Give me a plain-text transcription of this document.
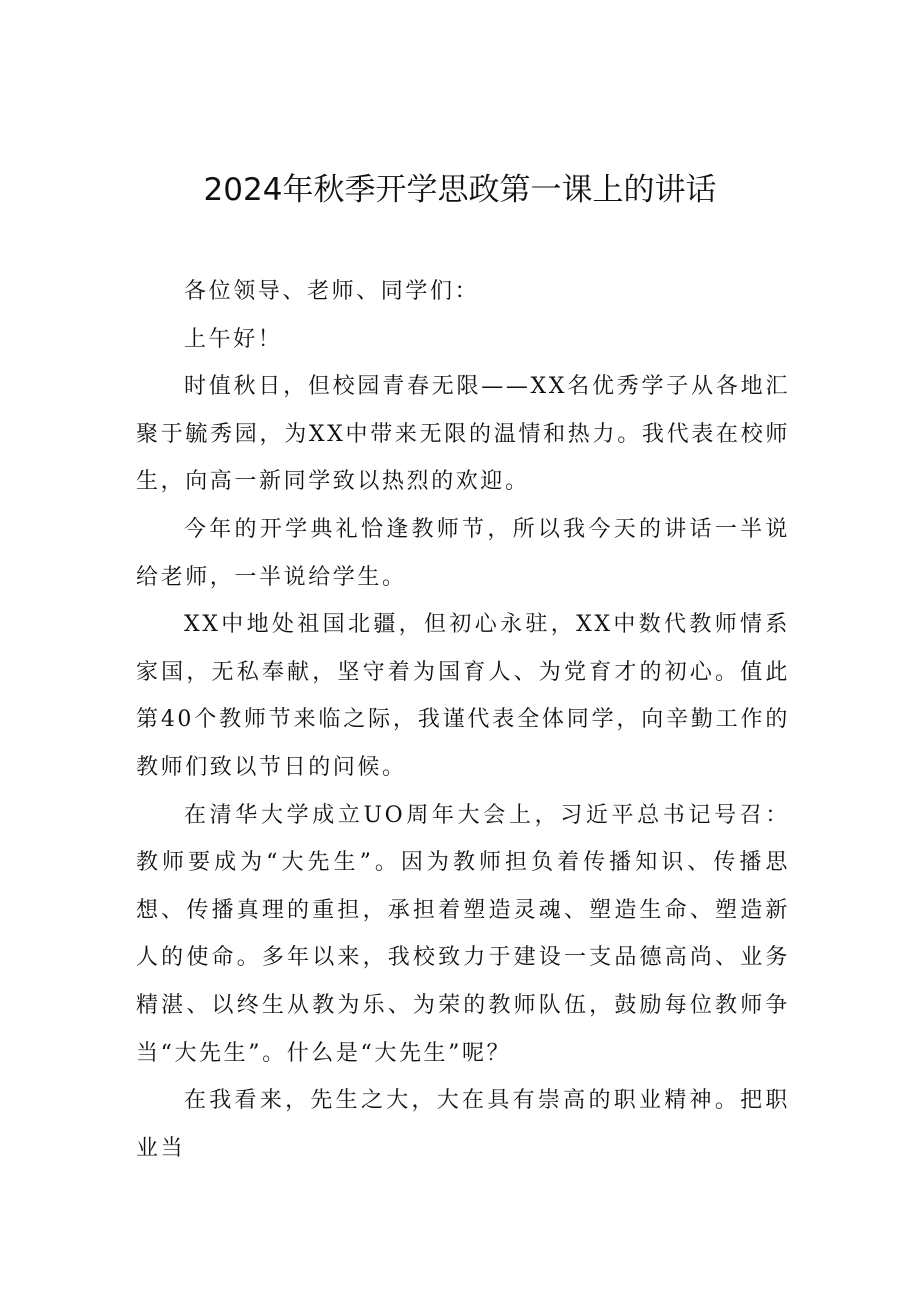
2024年秋季开学思政第一课上的讲话

各位领导、老师、同学们：

上午好！

时值秋日，但校园青春无限——XX名优秀学子从各地汇聚于毓秀园，为XX中带来无限的温情和热力。我代表在校师生，向高一新同学致以热烈的欢迎。

今年的开学典礼恰逢教师节，所以我今天的讲话一半说给老师，一半说给学生。

XX中地处祖国北疆，但初心永驻，XX中数代教师情系家国，无私奉献，坚守着为国育人、为党育才的初心。值此第40个教师节来临之际，我谨代表全体同学，向辛勤工作的教师们致以节日的问候。

在清华大学成立UO周年大会上，习近平总书记号召：教师要成为“大先生”。因为教师担负着传播知识、传播思想、传播真理的重担，承担着塑造灵魂、塑造生命、塑造新人的使命。多年以来，我校致力于建设一支品德高尚、业务精湛、以终生从教为乐、为荣的教师队伍，鼓励每位教师争当“大先生”。什么是“大先生”呢？

在我看来，先生之大，大在具有崇高的职业精神。把职业当
